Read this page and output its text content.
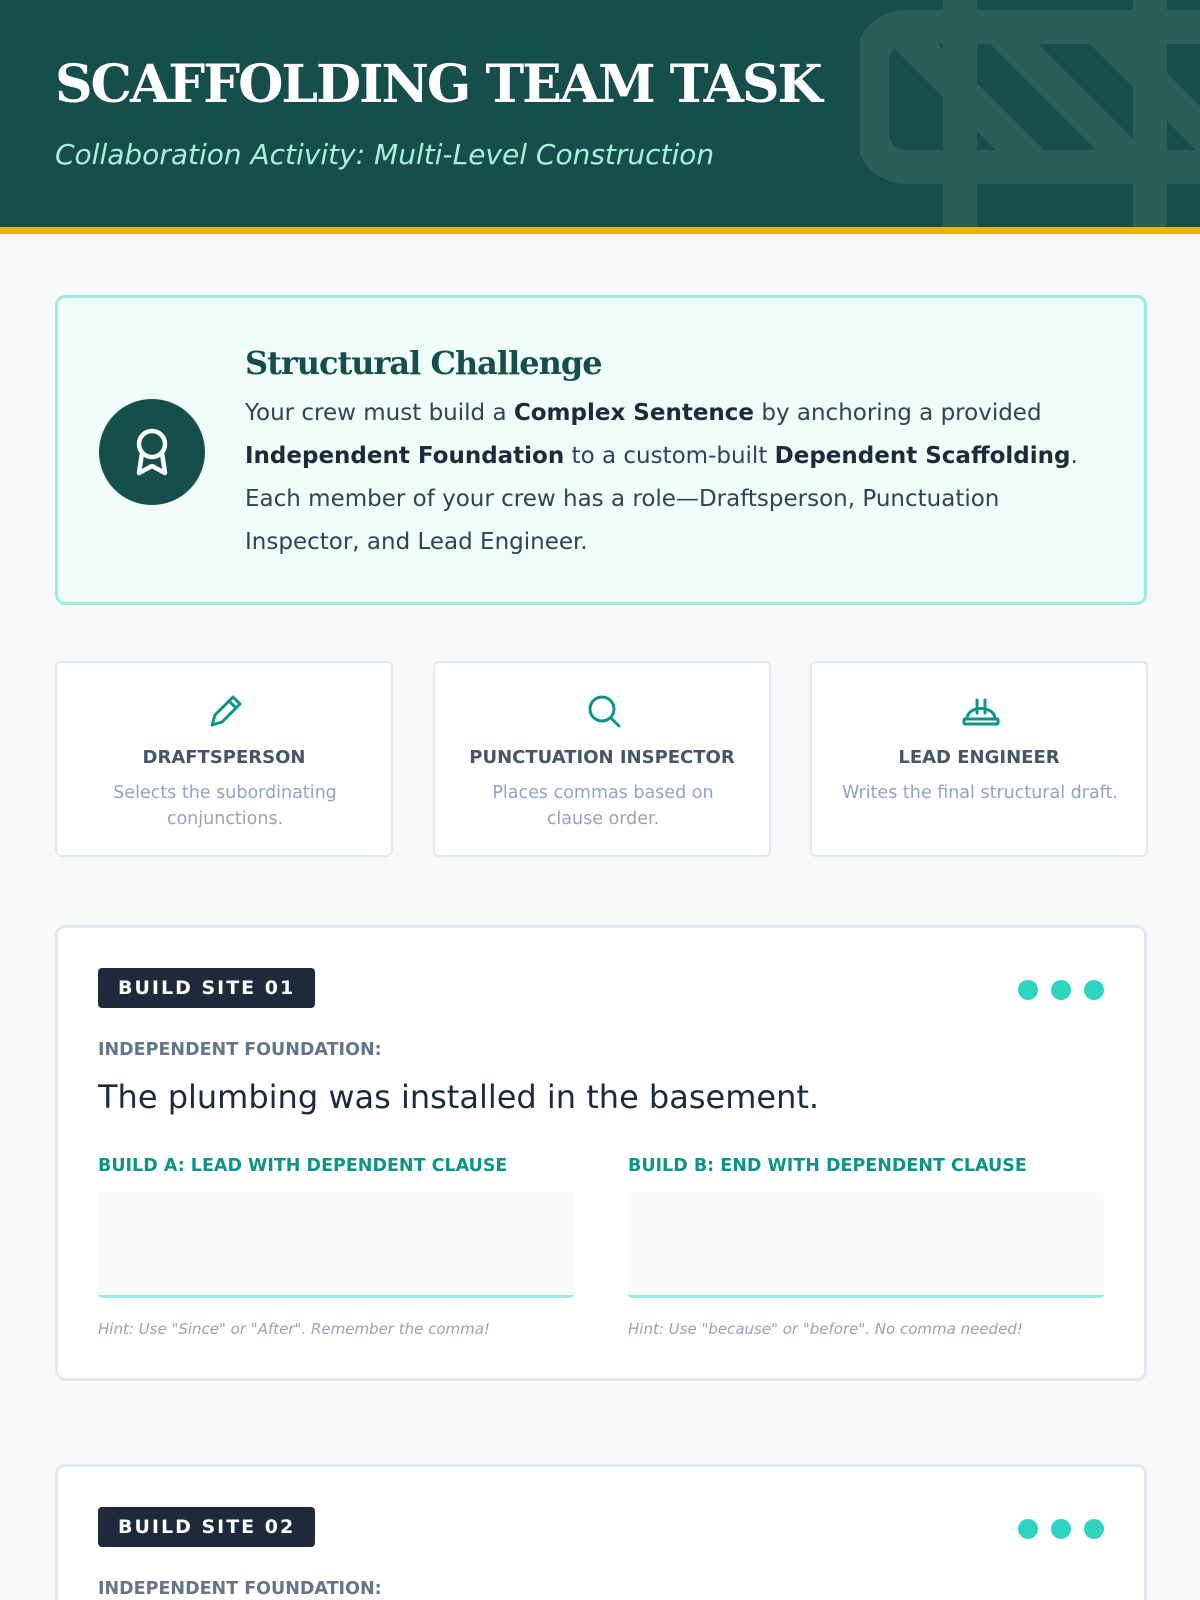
SCAFFOLDING TEAM TASK
Collaboration Activity: Multi-Level Construction
Structural Challenge
Your crew must build a Complex Sentence by anchoring a provided Independent Foundation to a custom-built Dependent Scaffolding. Each member of your crew has a role—Draftsperson, Punctuation Inspector, and Lead Engineer.
DRAFTSPERSON
Selects the subordinating conjunctions.
PUNCTUATION INSPECTOR
Places commas based on clause order.
LEAD ENGINEER
Writes the final structural draft.
BUILD SITE 01
INDEPENDENT FOUNDATION:
The plumbing was installed in the basement.
BUILD A: LEAD WITH DEPENDENT CLAUSE
Hint: Use "Since" or "After". Remember the comma!
BUILD B: END WITH DEPENDENT CLAUSE
Hint: Use "because" or "before". No comma needed!
BUILD SITE 02
INDEPENDENT FOUNDATION:
